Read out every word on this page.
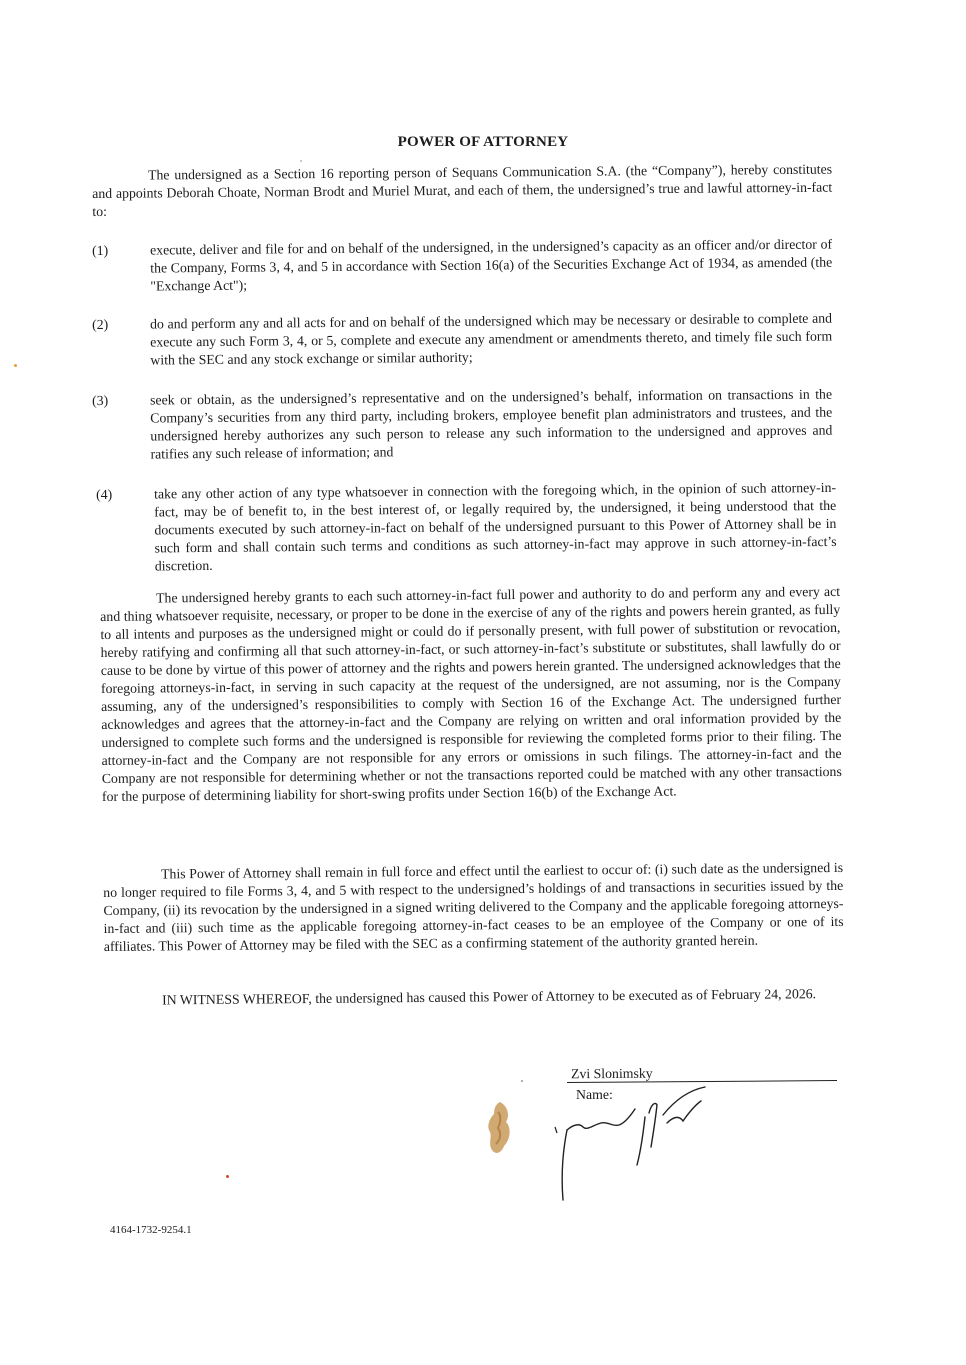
POWER OF ATTORNEY
The undersigned as a Section 16 reporting person of Sequans Communication S.A. (the “Company”), hereby constitutes and appoints Deborah Choate, Norman Brodt and Muriel Murat, and each of them, the undersigned’s true and lawful attorney-in-fact to:
(1)	execute, deliver and file for and on behalf of the undersigned, in the undersigned’s capacity as an officer and/or director of the Company, Forms 3, 4, and 5 in accordance with Section 16(a) of the Securities Exchange Act of 1934, as amended (the "Exchange Act");
(2)	do and perform any and all acts for and on behalf of the undersigned which may be necessary or desirable to complete and execute any such Form 3, 4, or 5, complete and execute any amendment or amendments thereto, and timely file such form with the SEC and any stock exchange or similar authority;
(3)	seek or obtain, as the undersigned’s representative and on the undersigned’s behalf, information on transactions in the Company’s securities from any third party, including brokers, employee benefit plan administrators and trustees, and the undersigned hereby authorizes any such person to release any such information to the undersigned and approves and ratifies any such release of information; and
(4)	take any other action of any type whatsoever in connection with the foregoing which, in the opinion of such attorney-in-fact, may be of benefit to, in the best interest of, or legally required by, the undersigned, it being understood that the documents executed by such attorney-in-fact on behalf of the undersigned pursuant to this Power of Attorney shall be in such form and shall contain such terms and conditions as such attorney-in-fact may approve in such attorney-in-fact’s discretion.
The undersigned hereby grants to each such attorney-in-fact full power and authority to do and perform any and every act and thing whatsoever requisite, necessary, or proper to be done in the exercise of any of the rights and powers herein granted, as fully to all intents and purposes as the undersigned might or could do if personally present, with full power of substitution or revocation, hereby ratifying and confirming all that such attorney-in-fact, or such attorney-in-fact’s substitute or substitutes, shall lawfully do or cause to be done by virtue of this power of attorney and the rights and powers herein granted. The undersigned acknowledges that the foregoing attorneys-in-fact, in serving in such capacity at the request of the undersigned, are not assuming, nor is the Company assuming, any of the undersigned’s responsibilities to comply with Section 16 of the Exchange Act. The undersigned further acknowledges and agrees that the attorney-in-fact and the Company are relying on written and oral information provided by the undersigned to complete such forms and the undersigned is responsible for reviewing the completed forms prior to their filing. The attorney-in-fact and the Company are not responsible for any errors or omissions in such filings. The attorney-in-fact and the Company are not responsible for determining whether or not the transactions reported could be matched with any other transactions for the purpose of determining liability for short-swing profits under Section 16(b) of the Exchange Act.
This Power of Attorney shall remain in full force and effect until the earliest to occur of: (i) such date as the undersigned is no longer required to file Forms 3, 4, and 5 with respect to the undersigned’s holdings of and transactions in securities issued by the Company, (ii) its revocation by the undersigned in a signed writing delivered to the Company and the applicable foregoing attorneys-in-fact and (iii) such time as the applicable foregoing attorney-in-fact ceases to be an employee of the Company or one of its affiliates. This Power of Attorney may be filed with the SEC as a confirming statement of the authority granted herein.
IN WITNESS WHEREOF, the undersigned has caused this Power of Attorney to be executed as of February 24, 2026.
Zvi Slonimsky
Name:
4164-1732-9254.1
